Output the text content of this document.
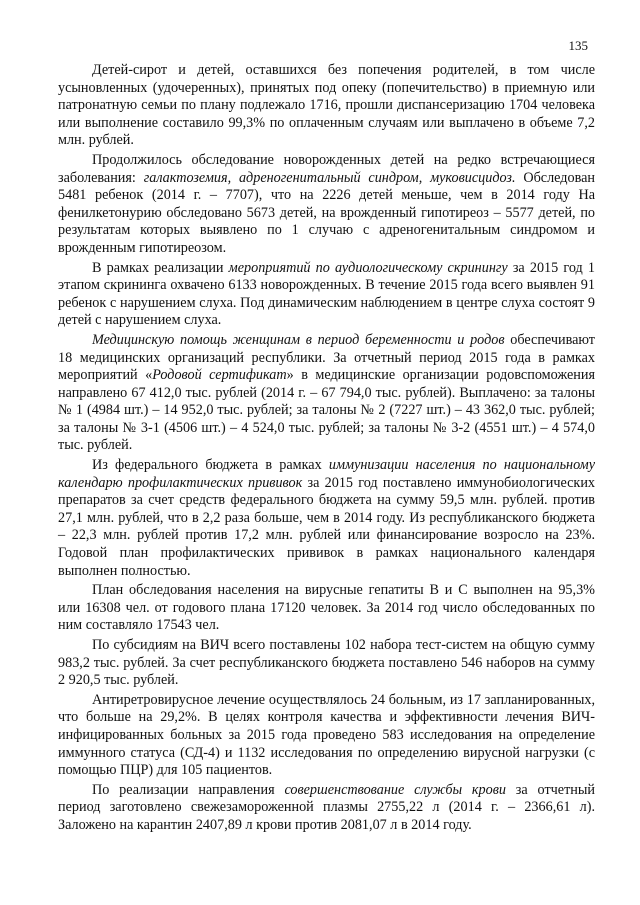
135

Детей-сирот и детей, оставшихся без попечения родителей, в том числе усыновленных (удочеренных), принятых под опеку (попечительство) в приемную или патронатную семьи по плану подлежало 1716, прошли диспансеризацию 1704 человека или выполнение составило 99,3% по оплаченным случаям или выплачено в объеме 7,2 млн. рублей.

Продолжилось обследование новорожденных детей на редко встречающиеся заболевания: галактоземия, адреногенитальный синдром, муковисцидоз. Обследован 5481 ребенок (2014 г. – 7707), что на 2226 детей меньше, чем в 2014 году На фенилкетонурию обследовано 5673 детей, на врожденный гипотиреоз – 5577 детей, по результатам которых выявлено по 1 случаю с адреногенитальным синдромом и врожденным гипотиреозом.

В рамках реализации мероприятий по аудиологическому скринингу за 2015 год 1 этапом скрининга охвачено 6133 новорожденных. В течение 2015 года всего выявлен 91 ребенок с нарушением слуха. Под динамическим наблюдением в центре слуха состоят 9 детей с нарушением слуха.

Медицинскую помощь женщинам в период беременности и родов обеспечивают 18 медицинских организаций республики. За отчетный период 2015 года в рамках мероприятий «Родовой сертификат» в медицинские организации родовспоможения направлено 67 412,0 тыс. рублей (2014 г. – 67 794,0 тыс. рублей). Выплачено: за талоны № 1 (4984 шт.) – 14 952,0 тыс. рублей; за талоны № 2 (7227 шт.) – 43 362,0 тыс. рублей; за талоны № 3-1 (4506 шт.) – 4 524,0 тыс. рублей; за талоны № 3-2 (4551 шт.) – 4 574,0 тыс. рублей.

Из федерального бюджета в рамках иммунизации населения по национальному календарю профилактических прививок за 2015 год поставлено иммунобиологических препаратов за счет средств федерального бюджета на сумму 59,5 млн. рублей. против 27,1 млн. рублей, что в 2,2 раза больше, чем в 2014 году. Из республиканского бюджета – 22,3 млн. рублей против 17,2 млн. рублей или финансирование возросло на 23%. Годовой план профилактических прививок в рамках национального календаря выполнен полностью.

План обследования населения на вирусные гепатиты В и С выполнен на 95,3% или 16308 чел. от годового плана 17120 человек. За 2014 год число обследованных по ним составляло 17543 чел.

По субсидиям на ВИЧ всего поставлены 102 набора тест-систем на общую сумму 983,2 тыс. рублей. За счет республиканского бюджета поставлено 546 наборов на сумму 2 920,5 тыс. рублей.

Антиретровирусное лечение осуществлялось 24 больным, из 17 запланированных, что больше на 29,2%. В целях контроля качества и эффективности лечения ВИЧ-инфицированных больных за 2015 года проведено 583 исследования на определение иммунного статуса (СД-4) и 1132 исследования по определению вирусной нагрузки (с помощью ПЦР) для 105 пациентов.

По реализации направления совершенствование службы крови за отчетный период заготовлено свежезамороженной плазмы 2755,22 л (2014 г. – 2366,61 л). Заложено на карантин 2407,89 л крови против 2081,07 л в 2014 году.
